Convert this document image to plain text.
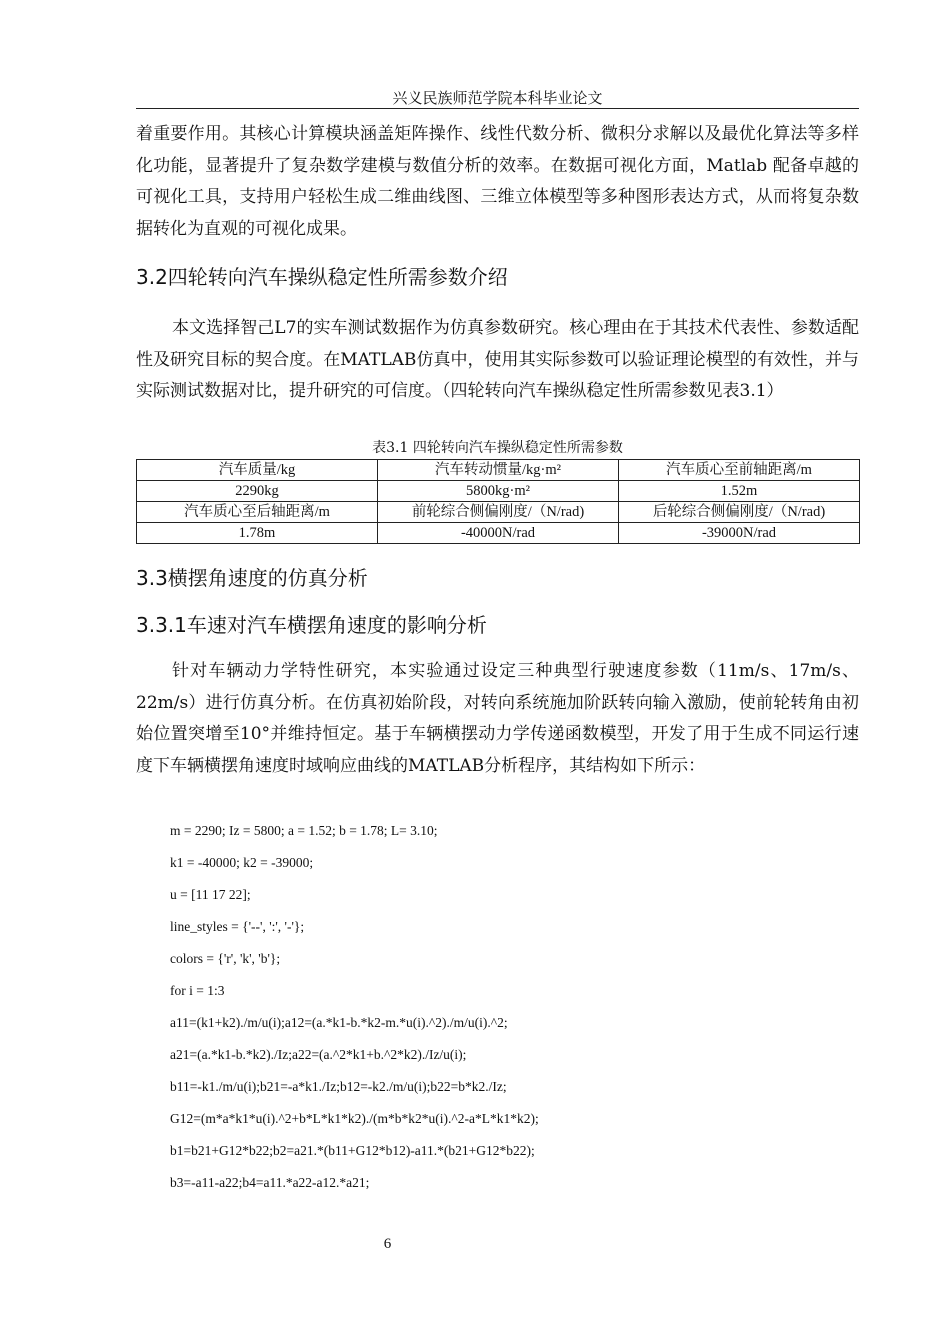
兴义民族师范学院本科毕业论文

着重要作用。其核心计算模块涵盖矩阵操作、线性代数分析、微积分求解以及最优化算法等多样化功能，显著提升了复杂数学建模与数值分析的效率。在数据可视化方面，Matlab 配备卓越的可视化工具，支持用户轻松生成二维曲线图、三维立体模型等多种图形表达方式，从而将复杂数据转化为直观的可视化成果。

3.2四轮转向汽车操纵稳定性所需参数介绍

本文选择智己L7的实车测试数据作为仿真参数研究。核心理由在于其技术代表性、参数适配性及研究目标的契合度。在MATLAB仿真中，使用其实际参数可以验证理论模型的有效性，并与实际测试数据对比，提升研究的可信度。（四轮转向汽车操纵稳定性所需参数见表3.1）

表3.1 四轮转向汽车操纵稳定性所需参数
汽车质量/kg	汽车转动惯量/kg·m²	汽车质心至前轴距离/m
2290kg	5800kg·m²	1.52m
汽车质心至后轴距离/m	前轮综合侧偏刚度/（N/rad)	后轮综合侧偏刚度/（N/rad)
1.78m	-40000N/rad	-39000N/rad
3.3横摆角速度的仿真分析
3.3.1车速对汽车横摆角速度的影响分析

针对车辆动力学特性研究，本实验通过设定三种典型行驶速度参数（11m/s、17m/s、22m/s）进行仿真分析。在仿真初始阶段，对转向系统施加阶跃转向输入激励，使前轮转角由初始位置突增至10°并维持恒定。基于车辆横摆动力学传递函数模型，开发了用于生成不同运行速度下车辆横摆角速度时域响应曲线的MATLAB分析程序，其结构如下所示：

m = 2290; Iz = 5800; a = 1.52; b = 1.78; L= 3.10;
k1 = -40000; k2 = -39000;
u = [11 17 22];
line_styles = {'--', ':', '-'};
colors = {'r', 'k', 'b'};
for i = 1:3
a11=(k1+k2)./m/u(i);a12=(a.*k1-b.*k2-m.*u(i).^2)./m/u(i).^2;
a21=(a.*k1-b.*k2)./Iz;a22=(a.^2*k1+b.^2*k2)./Iz/u(i);
b11=-k1./m/u(i);b21=-a*k1./Iz;b12=-k2./m/u(i);b22=b*k2./Iz;
G12=(m*a*k1*u(i).^2+b*L*k1*k2)./(m*b*k2*u(i).^2-a*L*k1*k2);
b1=b21+G12*b22;b2=a21.*(b11+G12*b12)-a11.*(b21+G12*b22);
b3=-a11-a22;b4=a11.*a22-a12.*a21;
6
